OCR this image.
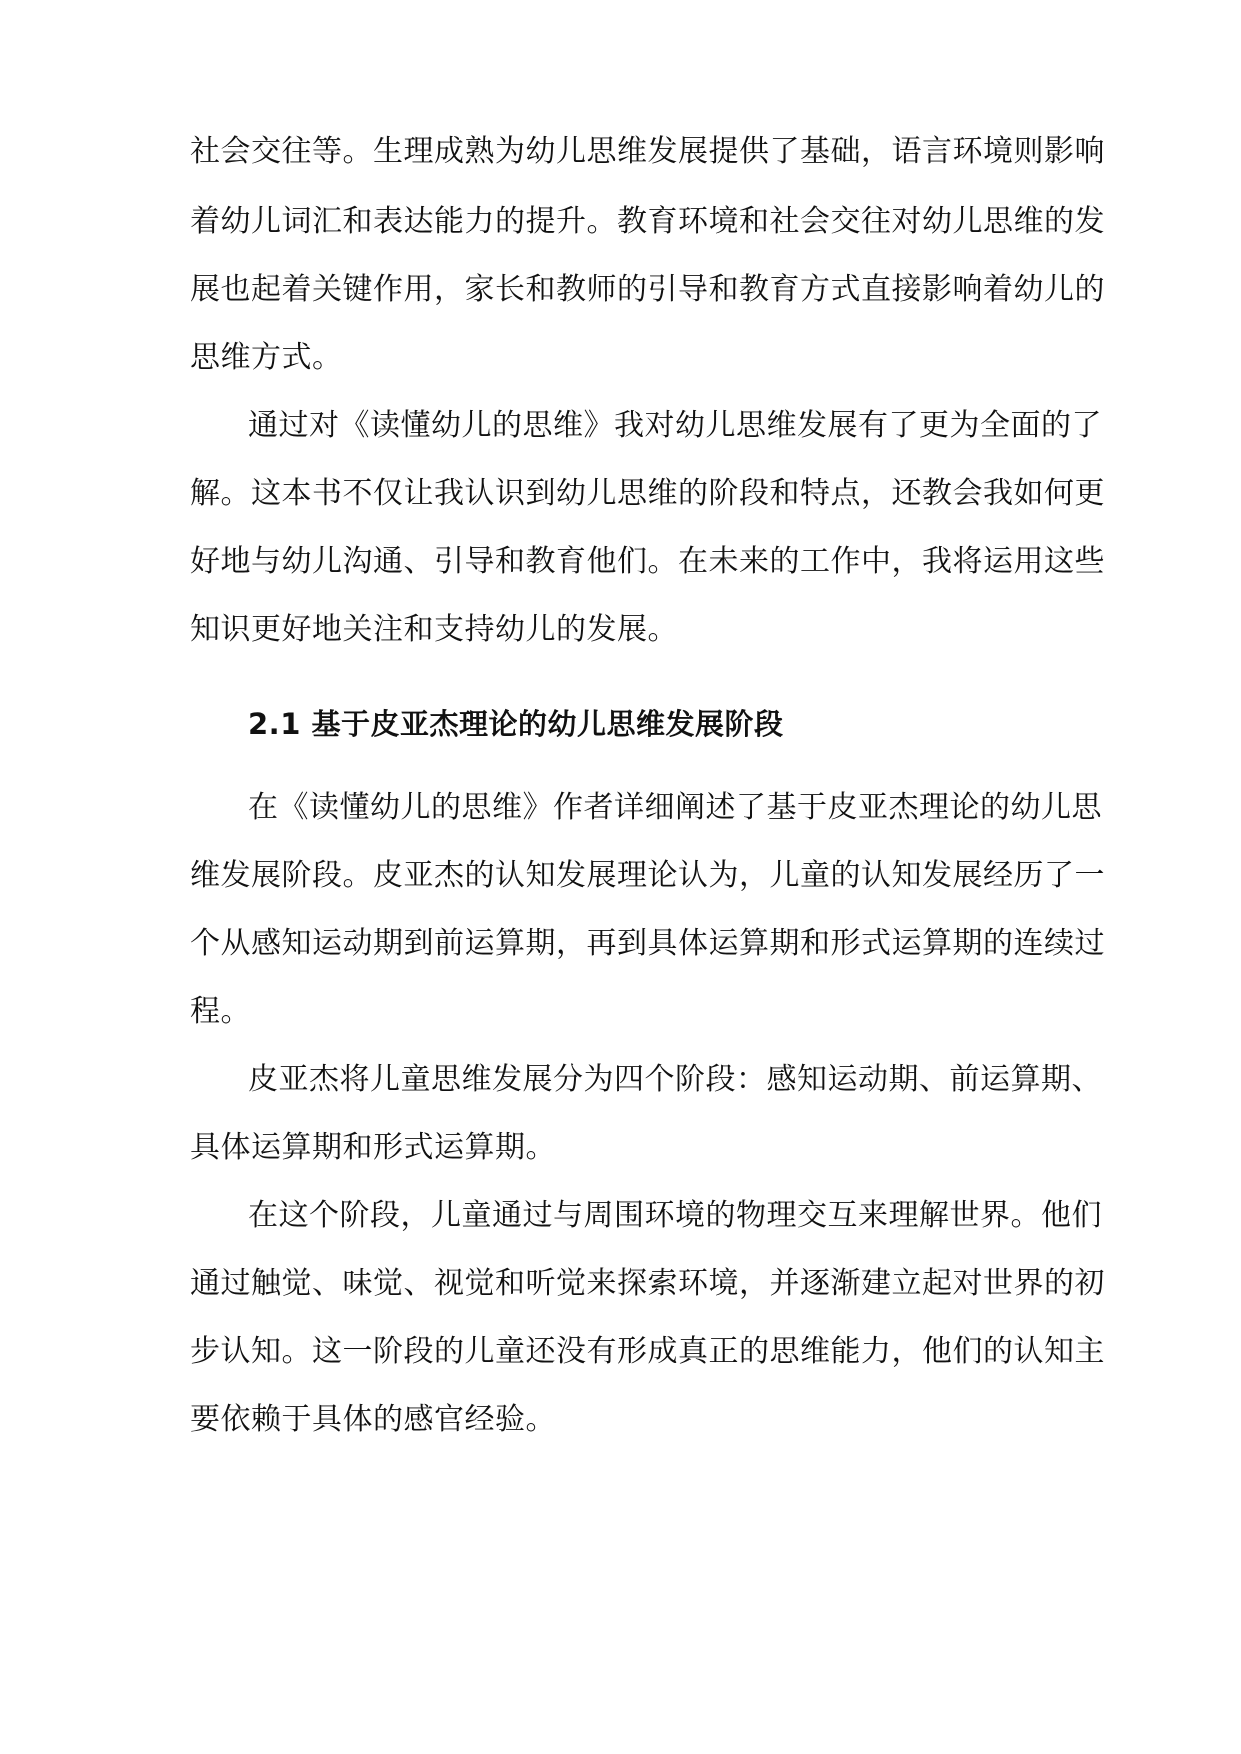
社会交往等。生理成熟为幼儿思维发展提供了基础，语言环境则影响
着幼儿词汇和表达能力的提升。教育环境和社会交往对幼儿思维的发
展也起着关键作用，家长和教师的引导和教育方式直接影响着幼儿的
思维方式。
通过对《读懂幼儿的思维》我对幼儿思维发展有了更为全面的了
解。这本书不仅让我认识到幼儿思维的阶段和特点，还教会我如何更
好地与幼儿沟通、引导和教育他们。在未来的工作中，我将运用这些
知识更好地关注和支持幼儿的发展。
2.1 基于皮亚杰理论的幼儿思维发展阶段
在《读懂幼儿的思维》作者详细阐述了基于皮亚杰理论的幼儿思
维发展阶段。皮亚杰的认知发展理论认为，儿童的认知发展经历了一
个从感知运动期到前运算期，再到具体运算期和形式运算期的连续过
程。
皮亚杰将儿童思维发展分为四个阶段：感知运动期、前运算期、
具体运算期和形式运算期。
在这个阶段，儿童通过与周围环境的物理交互来理解世界。他们
通过触觉、味觉、视觉和听觉来探索环境，并逐渐建立起对世界的初
步认知。这一阶段的儿童还没有形成真正的思维能力，他们的认知主
要依赖于具体的感官经验。
